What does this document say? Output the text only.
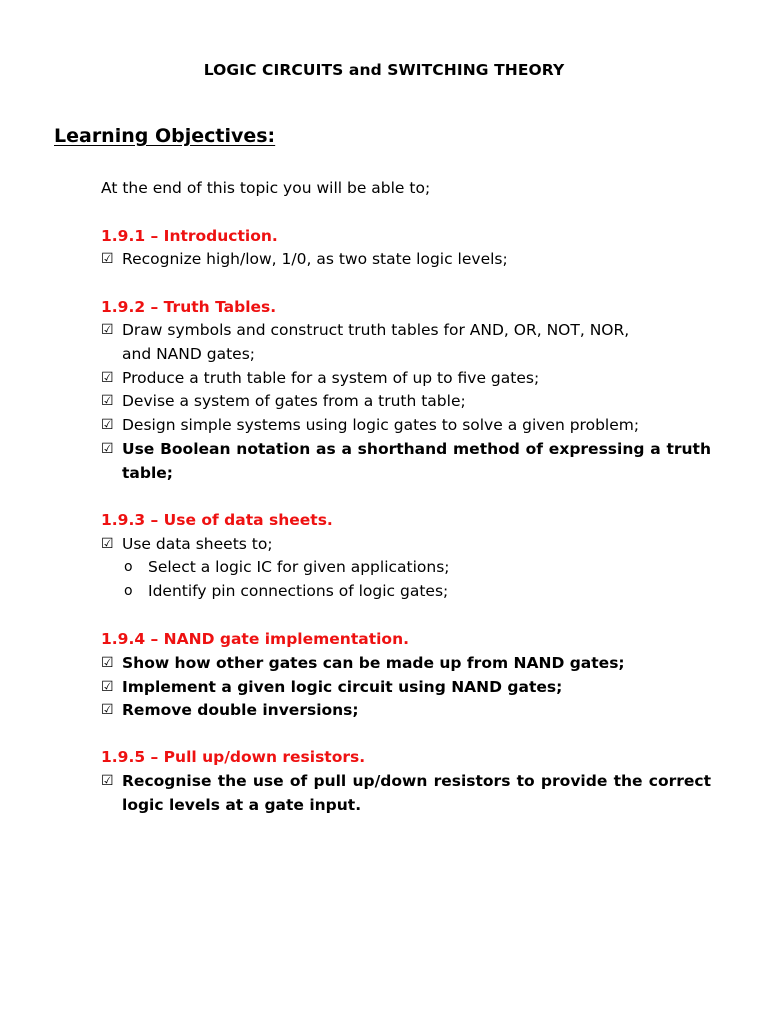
LOGIC CIRCUITS and SWITCHING THEORY
Learning Objectives:
At the end of this topic you will be able to;
1.9.1 – Introduction.
☑ Recognize high/low, 1/0, as two state logic levels;
1.9.2 – Truth Tables.
☑ Draw symbols and construct truth tables for AND, OR, NOT, NOR,
and NAND gates;
☑ Produce a truth table for a system of up to five gates;
☑ Devise a system of gates from a truth table;
☑ Design simple systems using logic gates to solve a given problem;
☑ Use Boolean notation as a shorthand method of expressing a truth
table;
1.9.3 – Use of data sheets.
☑ Use data sheets to;
o Select a logic IC for given applications;
o Identify pin connections of logic gates;
1.9.4 – NAND gate implementation.
☑ Show how other gates can be made up from NAND gates;
☑ Implement a given logic circuit using NAND gates;
☑ Remove double inversions;
1.9.5 – Pull up/down resistors.
☑ Recognise the use of pull up/down resistors to provide the correct
logic levels at a gate input.
